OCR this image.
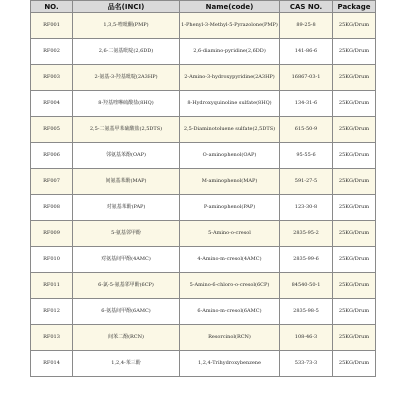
NO.	品名(INCI)	Name(code)	CAS NO.	Package
RF001	1,3,5-喹吡酮(PMP)	1-Phenyl-3-Methyl-5-Pyrazolone(PMP)	89-25-8	25KG/Drum
RF002	2,6-二氨基吡啶(2,6DD)	2,6-diamino-pyridine(2,6DD)	141-86-6	25KG/Drum
RF003	2-氨基-3-羟基吡啶(2A3HP)	2-Amino-3-hydroxypyridine(2A3HP)	16867-03-1	25KG/Drum
RF004	8-羟基喹啉硫酸盐(8HQ)	8-Hydroxyquinoline sulfate(8HQ)	134-31-6	25KG/Drum
RF005	2,5-二氨基甲苯硫酸盐(2,5DTS)	2,5-Diaminotoluene sulfate(2,5DTS)	615-50-9	25KG/Drum
RF006	邻氨基苯酚(OAP)	O-aminophenol(OAP)	95-55-6	25KG/Drum
RF007	间氨基苯酚(MAP)	M-aminophenol(MAP)	591-27-5	25KG/Drum
RF008	对氨基苯酚(PAP)	P-aminophenol(PAP)	123-30-8	25KG/Drum
RF009	5-氨基邻甲酚	5-Amino-o-cresol	2835-95-2	25KG/Drum
RF010	对氨基间甲酚(4AMC)	4-Amino-m-cresol(4AMC)	2835-99-6	25KG/Drum
RF011	6-氯-5-氨基邻甲酚(6CP)	5-Amino-6-chloro-o-cresol(6CP)	84540-50-1	25KG/Drum
RF012	6-氨基间甲酚(6AMC)	6-Amino-m-cresol(6AMC)	2835-98-5	25KG/Drum
RF013	间苯二酚(RCN)	Resorcinol(RCN)	108-46-3	25KG/Drum
RF014	1,2,4-苯三酚	1,2,4-Trihydroxybenzene	533-73-3	25KG/Drum
